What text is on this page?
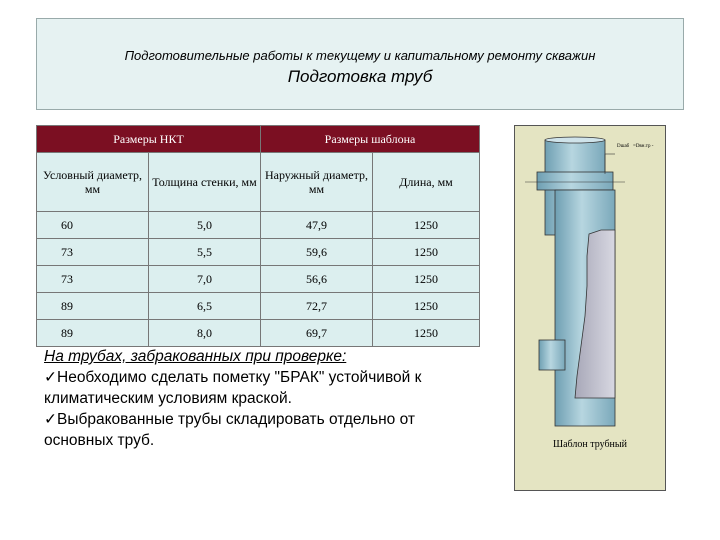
Подготовительные работы к текущему и капитальному ремонту скважин
Подготовка труб
Размеры НКТ		Размеры шаблона	
Условный диаметр, мм	Толщина стенки, мм	Наружный диаметр, мм	Длина, мм
60	5,0	47,9	1250
73	5,5	59,6	1250
73	7,0	56,6	1250
89	6,5	72,7	1250
89	8,0	69,7	1250
На трубах, забракованных при проверке:
✓Необходимо сделать пометку "БРАК" устойчивой к климатическим условиям краской.
✓Выбракованные трубы складировать отдельно от основных труб.
Dшаб =Dвн.тр -
Шаблон трубный
